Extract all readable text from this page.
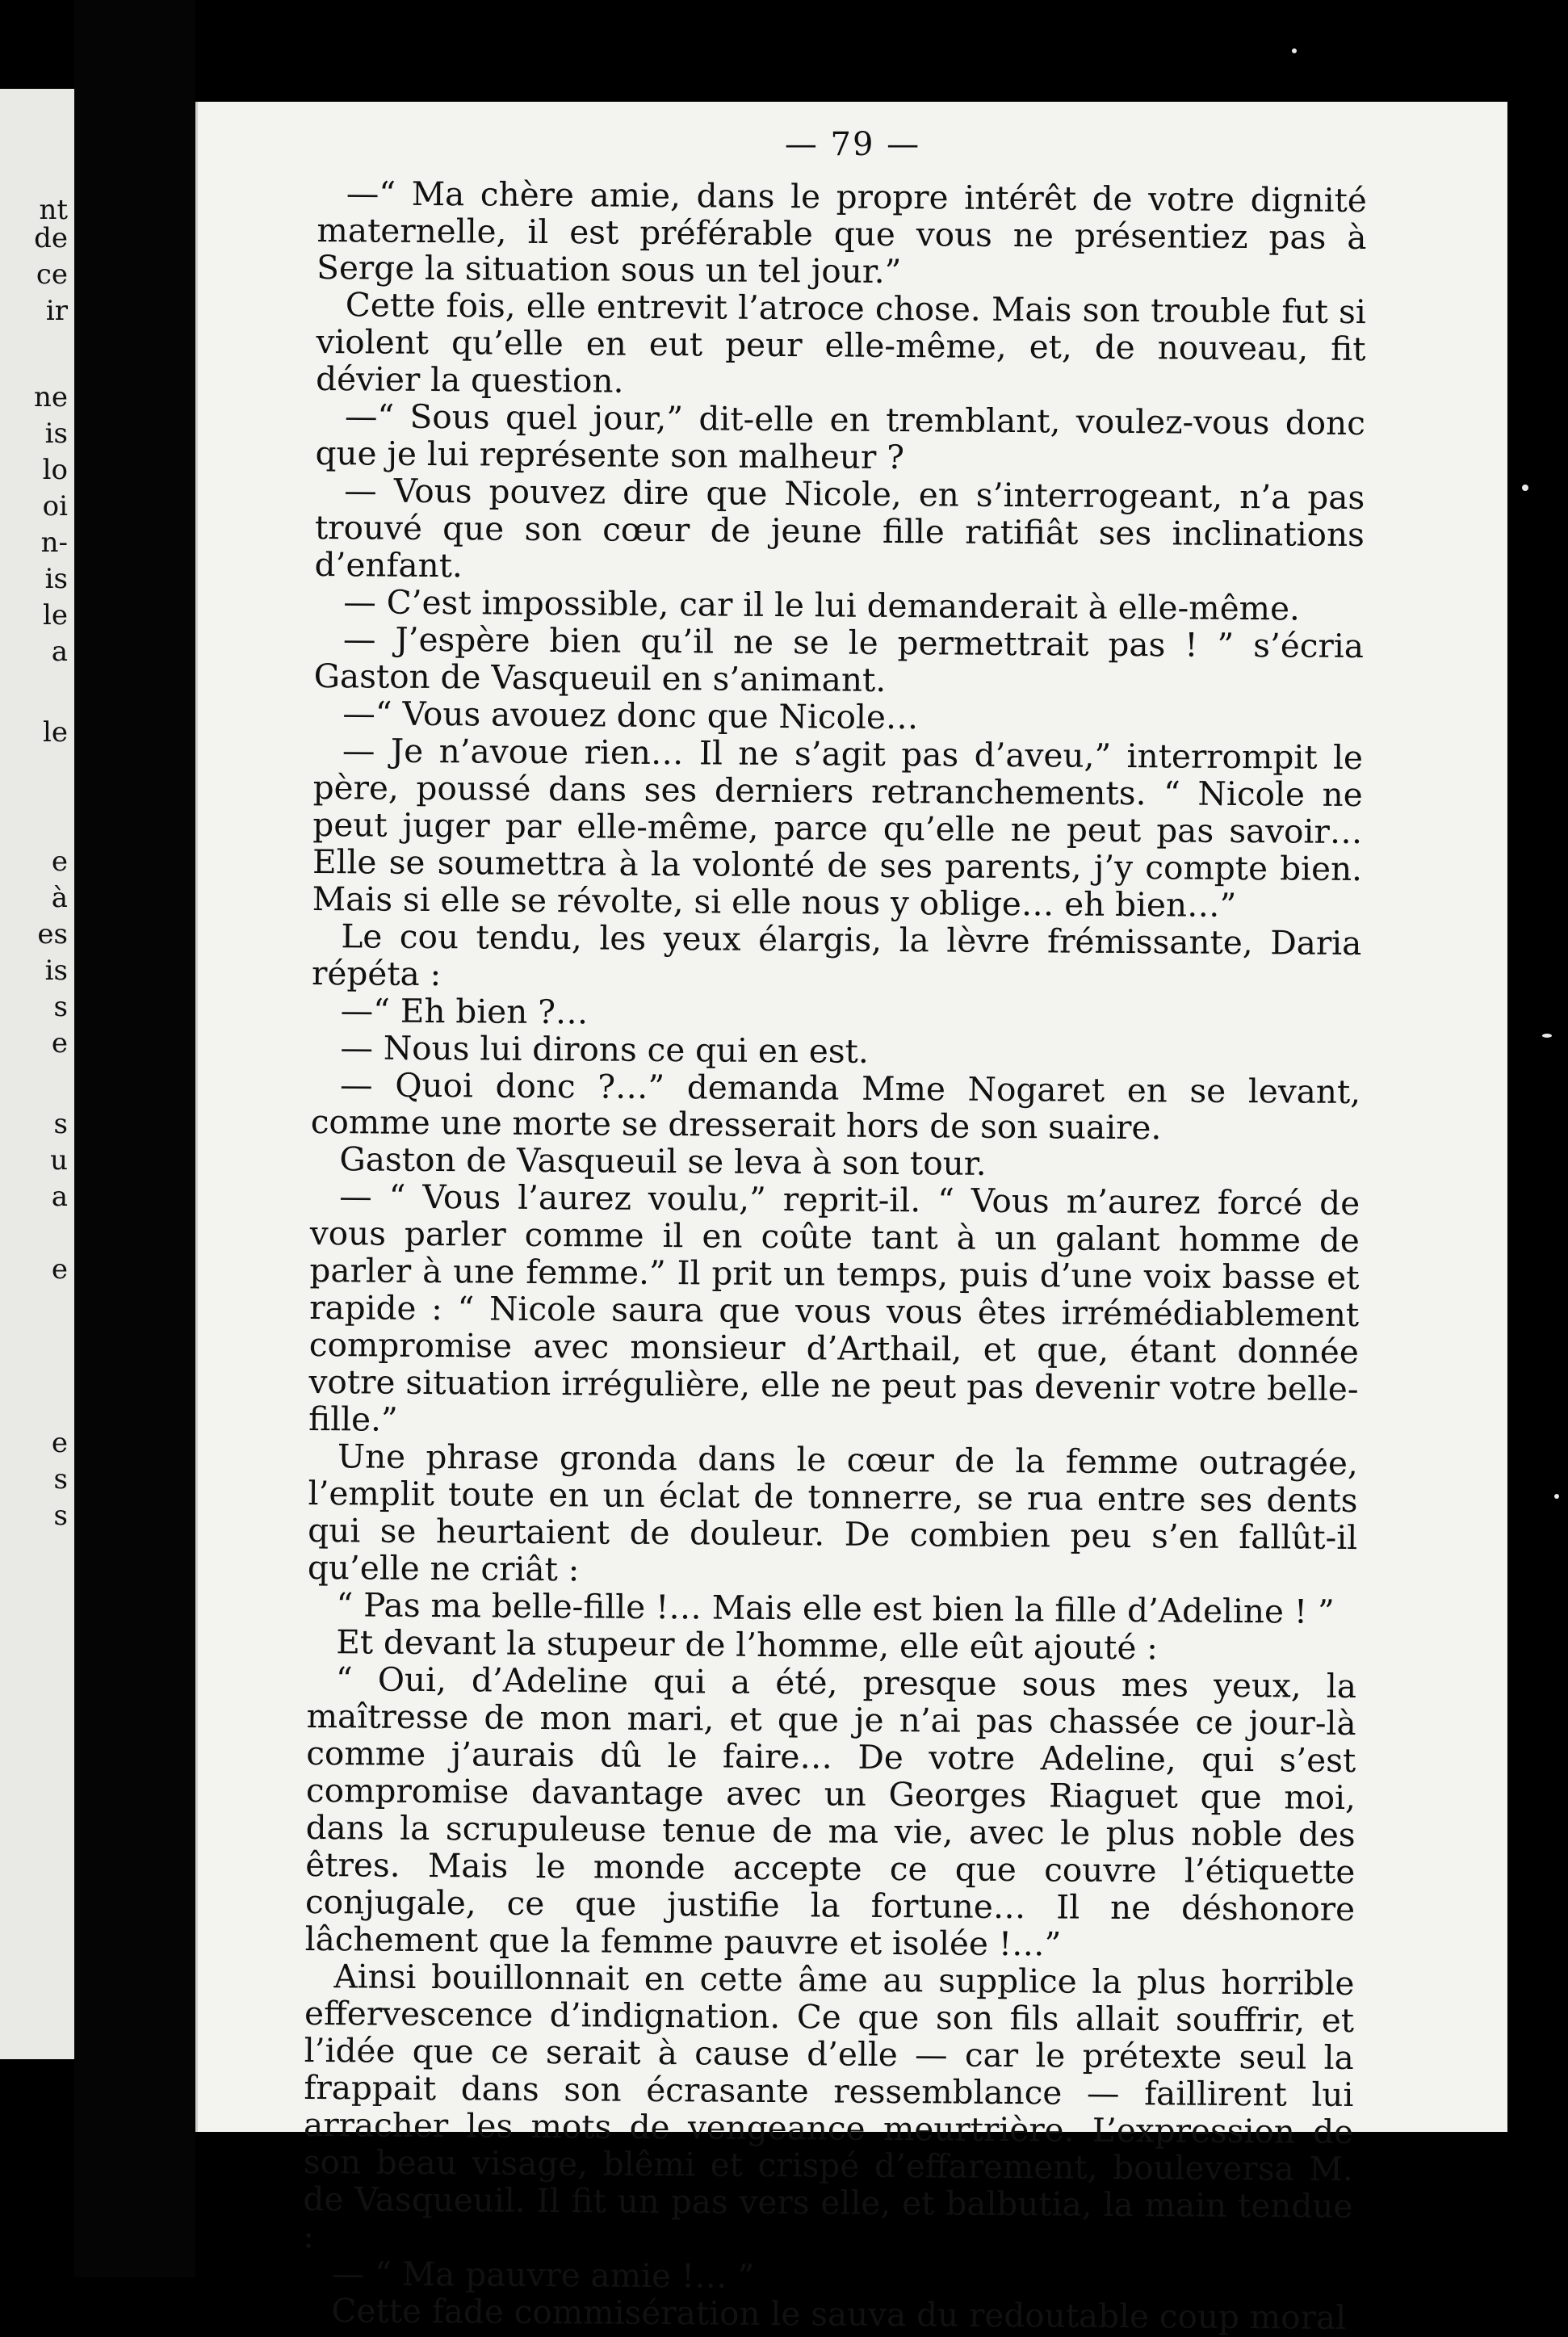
nt
de
ce
ir
ne
is
lo
oi
n-
is
le
a
le
e
à
es
is
s
e
s
u
a
e
e
s
s
— 79 —

—“ Ma chère amie, dans le propre intérêt de votre dignité maternelle, il est préférable que vous ne présentiez pas à Serge la situation sous un tel jour.”

Cette fois, elle entrevit l’atroce chose. Mais son trouble fut si violent qu’elle en eut peur elle-même, et, de nouveau, fit dévier la question.

—“ Sous quel jour,” dit-elle en tremblant, voulez-vous donc que je lui représente son malheur ?

— Vous pouvez dire que Nicole, en s’interrogeant, n’a pas trouvé que son cœur de jeune fille ratifiât ses inclinations d’enfant.

— C’est impossible, car il le lui demanderait à elle-même.

— J’espère bien qu’il ne se le permettrait pas ! ” s’écria Gaston de Vasqueuil en s’animant.

—“ Vous avouez donc que Nicole…

— Je n’avoue rien… Il ne s’agit pas d’aveu,” interrompit le père, poussé dans ses derniers retranchements. “ Nicole ne peut juger par elle-même, parce qu’elle ne peut pas savoir… Elle se soumettra à la volonté de ses parents, j’y compte bien. Mais si elle se révolte, si elle nous y oblige… eh bien…”

Le cou tendu, les yeux élargis, la lèvre frémissante, Daria répéta :

—“ Eh bien ?…

— Nous lui dirons ce qui en est.

— Quoi donc ?…” demanda Mme Nogaret en se levant, comme une morte se dresserait hors de son suaire.

Gaston de Vasqueuil se leva à son tour.

— “ Vous l’aurez voulu,” reprit-il. “ Vous m’aurez forcé de vous parler comme il en coûte tant à un galant homme de parler à une femme.” Il prit un temps, puis d’une voix basse et rapide : “ Nicole saura que vous vous êtes irrémédiablement compromise avec monsieur d’Arthail, et que, étant donnée votre situation irrégulière, elle ne peut pas devenir votre belle-fille.”

Une phrase gronda dans le cœur de la femme outragée, l’emplit toute en un éclat de tonnerre, se rua entre ses dents qui se heurtaient de douleur. De combien peu s’en fallût-il qu’elle ne criât :

“ Pas ma belle-fille !… Mais elle est bien la fille d’Adeline ! ”

Et devant la stupeur de l’homme, elle eût ajouté :

“ Oui, d’Adeline qui a été, presque sous mes yeux, la maîtresse de mon mari, et que je n’ai pas chassée ce jour-là comme j’aurais dû le faire… De votre Adeline, qui s’est compromise davantage avec un Georges Riaguet que moi, dans la scrupuleuse tenue de ma vie, avec le plus noble des êtres. Mais le monde accepte ce que couvre l’étiquette conjugale, ce que justifie la fortune… Il ne déshonore lâchement que la femme pauvre et isolée !…”

Ainsi bouillonnait en cette âme au supplice la plus horrible effervescence d’indignation. Ce que son fils allait souffrir, et l’idée que ce serait à cause d’elle — car le prétexte seul la frappait dans son écrasante ressemblance — faillirent lui arracher les mots de vengeance meurtrière. L’expression de son beau visage, blêmi et crispé d’effarement, bouleversa M. de Vasqueuil. Il fit un pas vers elle, et balbutia, la main tendue :

— “ Ma pauvre amie !… ”

Cette fade commisération le sauva du redoutable coup moral
